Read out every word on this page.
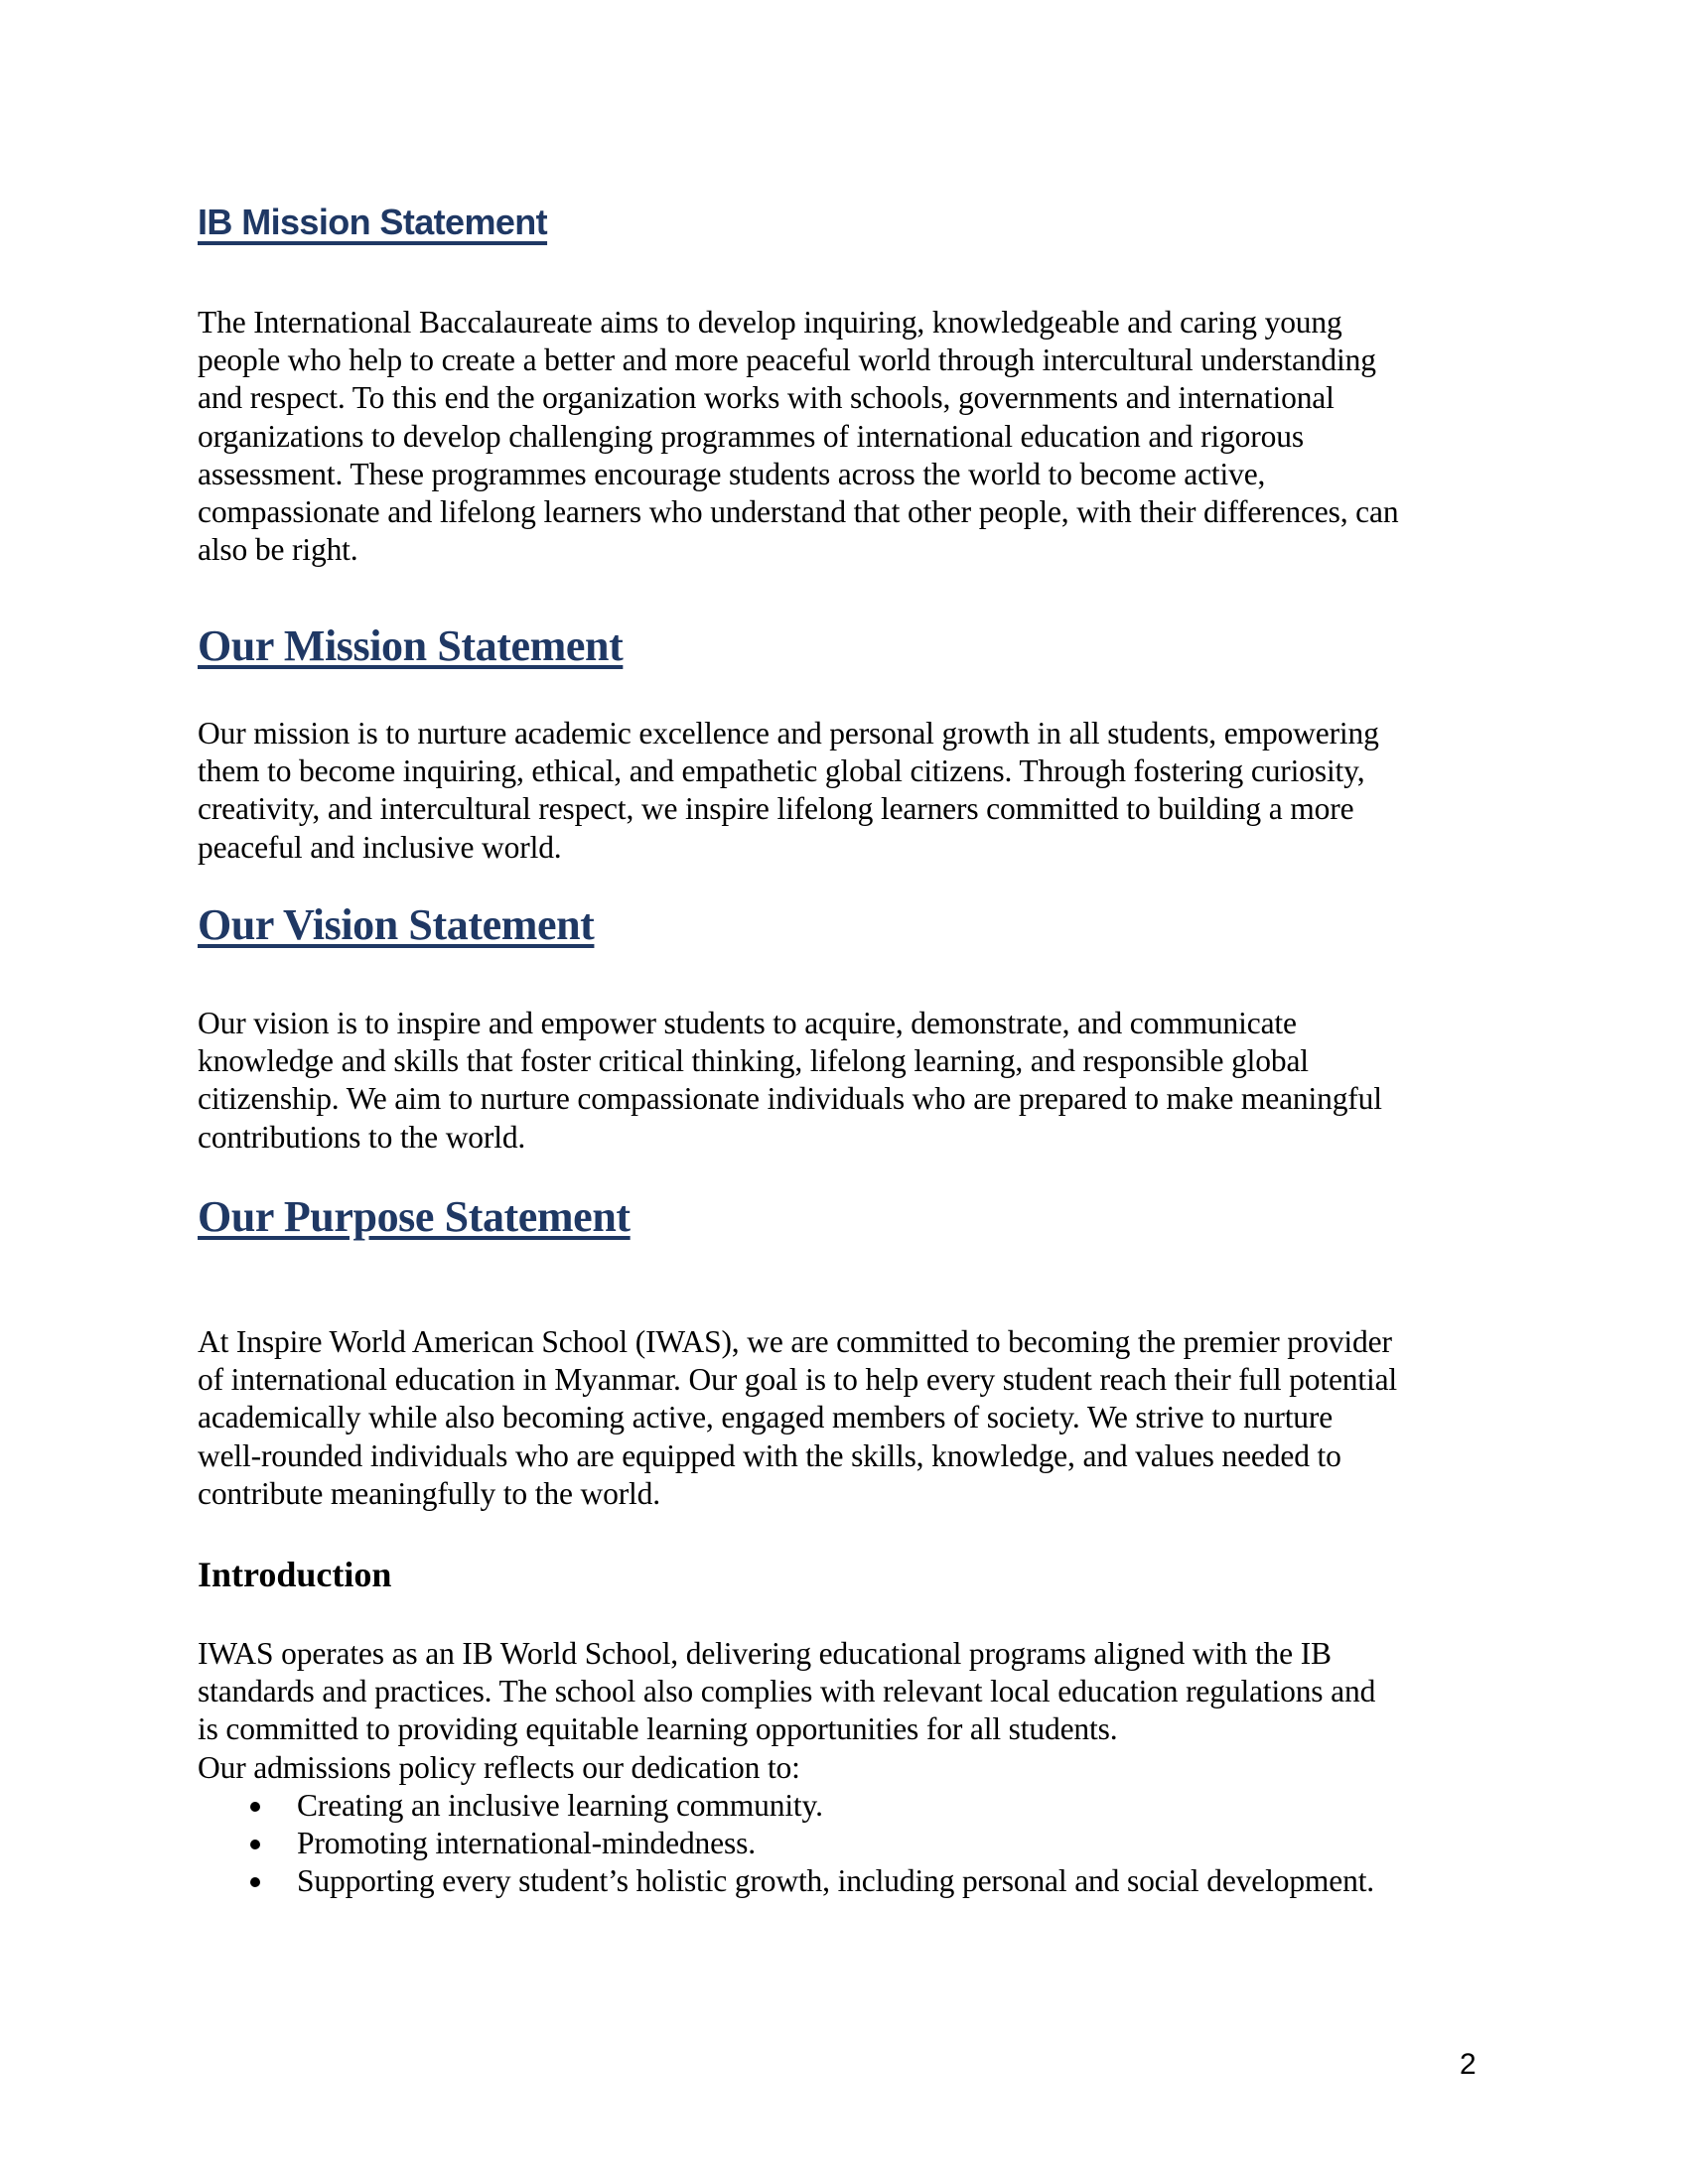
IB Mission Statement
The International Baccalaureate aims to develop inquiring, knowledgeable and caring young
people who help to create a better and more peaceful world through intercultural understanding
and respect. To this end the organization works with schools, governments and international
organizations to develop challenging programmes of international education and rigorous
assessment. These programmes encourage students across the world to become active,
compassionate and lifelong learners who understand that other people, with their differences, can
also be right.
Our Mission Statement
Our mission is to nurture academic excellence and personal growth in all students, empowering
them to become inquiring, ethical, and empathetic global citizens. Through fostering curiosity,
creativity, and intercultural respect, we inspire lifelong learners committed to building a more
peaceful and inclusive world.
Our Vision Statement
Our vision is to inspire and empower students to acquire, demonstrate, and communicate
knowledge and skills that foster critical thinking, lifelong learning, and responsible global
citizenship. We aim to nurture compassionate individuals who are prepared to make meaningful
contributions to the world.
Our Purpose Statement
At Inspire World American School (IWAS), we are committed to becoming the premier provider
of international education in Myanmar. Our goal is to help every student reach their full potential
academically while also becoming active, engaged members of society. We strive to nurture
well-rounded individuals who are equipped with the skills, knowledge, and values needed to
contribute meaningfully to the world.
Introduction
IWAS operates as an IB World School, delivering educational programs aligned with the IB
standards and practices. The school also complies with relevant local education regulations and
is committed to providing equitable learning opportunities for all students.
Our admissions policy reflects our dedication to:
Creating an inclusive learning community.
Promoting international-mindedness.
Supporting every student’s holistic growth, including personal and social development.
2
